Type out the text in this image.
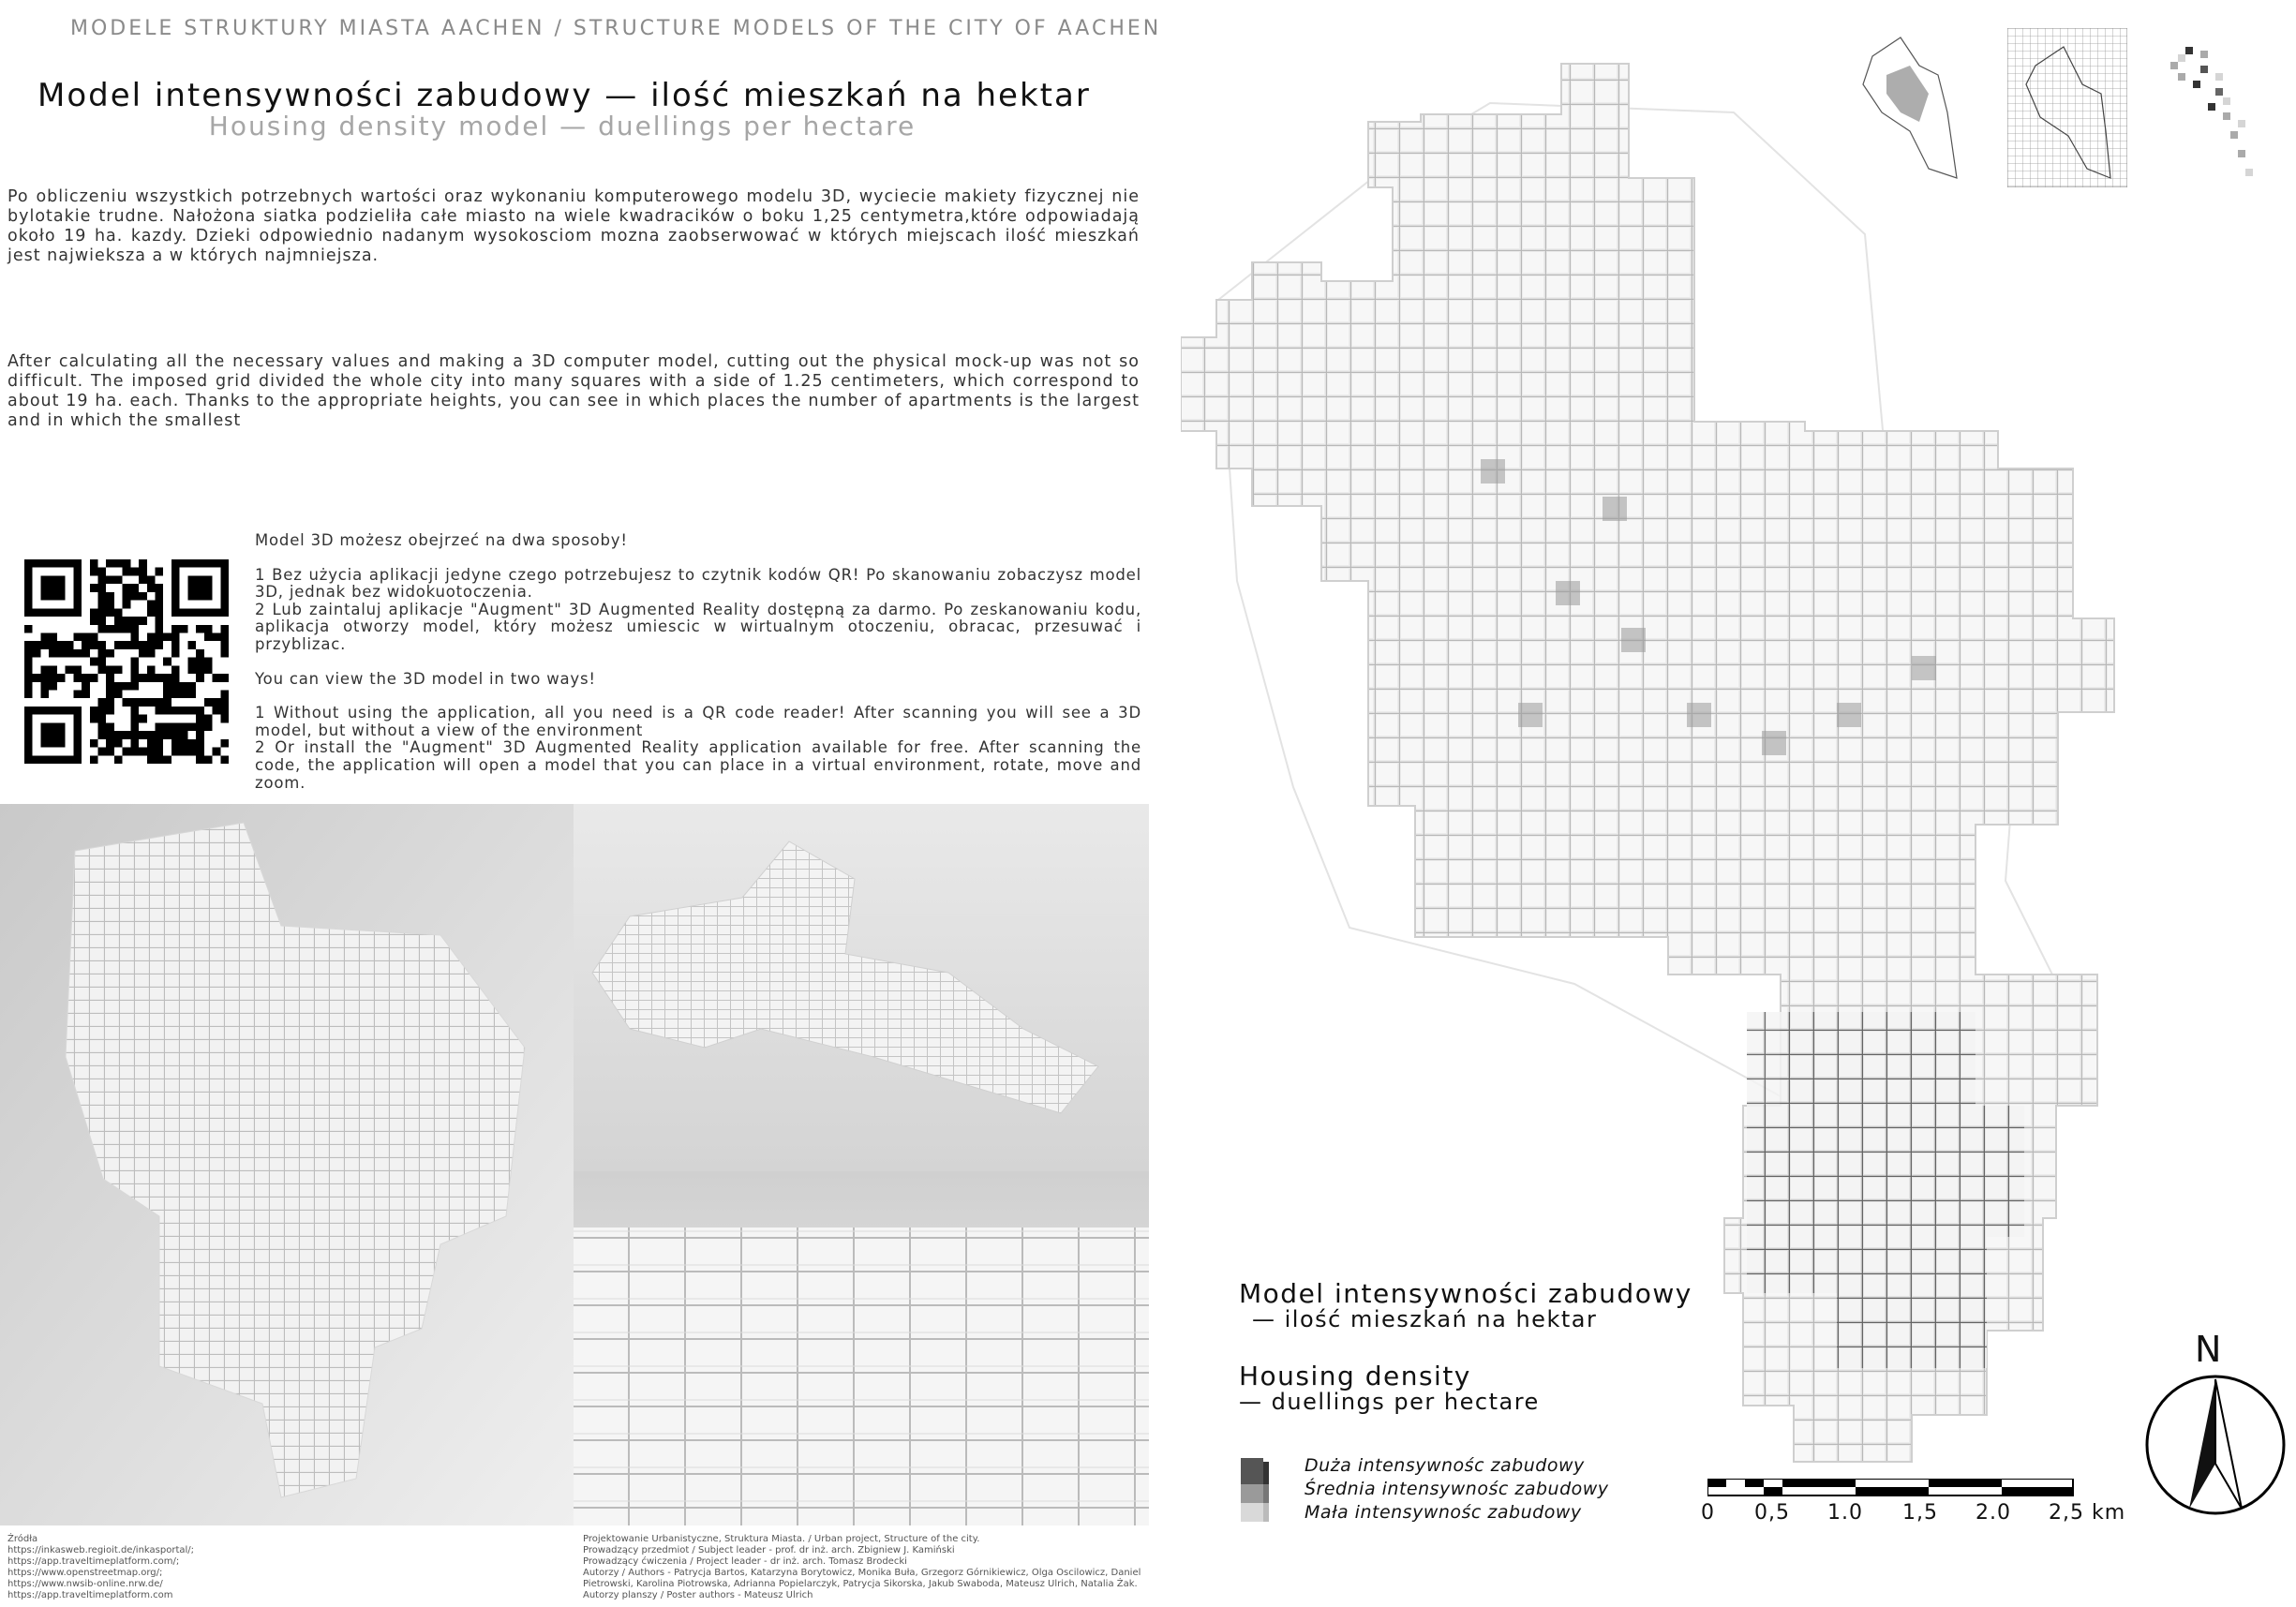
MODELE STRUKTURY MIASTA AACHEN / STRUCTURE MODELS OF THE CITY OF AACHEN
Model intensywności zabudowy — ilość mieszkań na hektar
Housing density model — duellings per hectare
Po obliczeniu wszystkich potrzebnych wartości oraz wykonaniu komputerowego modelu 3D, wyciecie makiety fizycznej nie bylotakie trudne. Nałożona siatka podzieliła całe miasto na wiele kwadracików o boku 1,25 centymetra,które odpowiadają około 19 ha. kazdy. Dzieki odpowiednio nadanym wysokosciom mozna zaobserwować w których miejscach ilość mieszkań jest najwieksza a w których najmniejsza.
After calculating all the necessary values and making a 3D computer model, cutting out the physical mock-up was not so difficult. The imposed grid divided the whole city into many squares with a side of 1.25 centimeters, which correspond to about 19 ha. each. Thanks to the appropriate heights, you can see in which places the number of apartments is the largest and in which the smallest

Model 3D możesz obejrzeć na dwa sposoby!

1 Bez użycia aplikacji jedyne czego potrzebujesz to czytnik kodów QR! Po skanowaniu zobaczysz model 3D, jednak bez widokuotoczenia.

2 Lub zaintaluj aplikacje "Augment" 3D Augmented Reality dostępną za darmo. Po zeskanowaniu kodu, aplikacja otworzy model, który możesz umiescic w wirtualnym otoczeniu, obracac, przesuwać i przyblizac.

You can view the 3D model in two ways!

1 Without using the application, all you need is a QR code reader! After scanning you will see a 3D model, but without a view of the environment

2 Or install the "Augment" 3D Augmented Reality application available for free. After scanning the code, the application will open a model that you can place in a virtual environment, rotate, move and zoom.

Źródła
https://inkasweb.regioit.de/inkasportal/;
https://app.traveltimeplatform.com/;
https://www.openstreetmap.org/;
https://www.nwsib-online.nrw.de/
https://app.traveltimeplatform.com
Projektowanie Urbanistyczne, Struktura Miasta. / Urban project, Structure of the city.
Prowadzący przedmiot / Subject leader - prof. dr inż. arch. Zbigniew J. Kamiński
Prowadzący ćwiczenia / Project leader - dr inż. arch. Tomasz Brodecki
Autorzy / Authors - Patrycja Bartos, Katarzyna Borytowicz, Monika Buła, Grzegorz Górnikiewicz, Olga Oscilowicz, Daniel Pietrowski, Karolina Piotrowska, Adrianna Popielarczyk, Patrycja Sikorska, Jakub Swaboda, Mateusz Ulrich, Natalia Żak.
Autorzy planszy / Poster authors - Mateusz Ulrich
Model intensywności zabudowy
— ilość mieszkań na hektar
Housing density
— duellings per hectare
Duża intensywnośc zabudowy
Średnia intensywnośc zabudowy
Mała intensywnośc zabudowy	0 0,5 1.0 1,5 2.0 2,5 km
N
